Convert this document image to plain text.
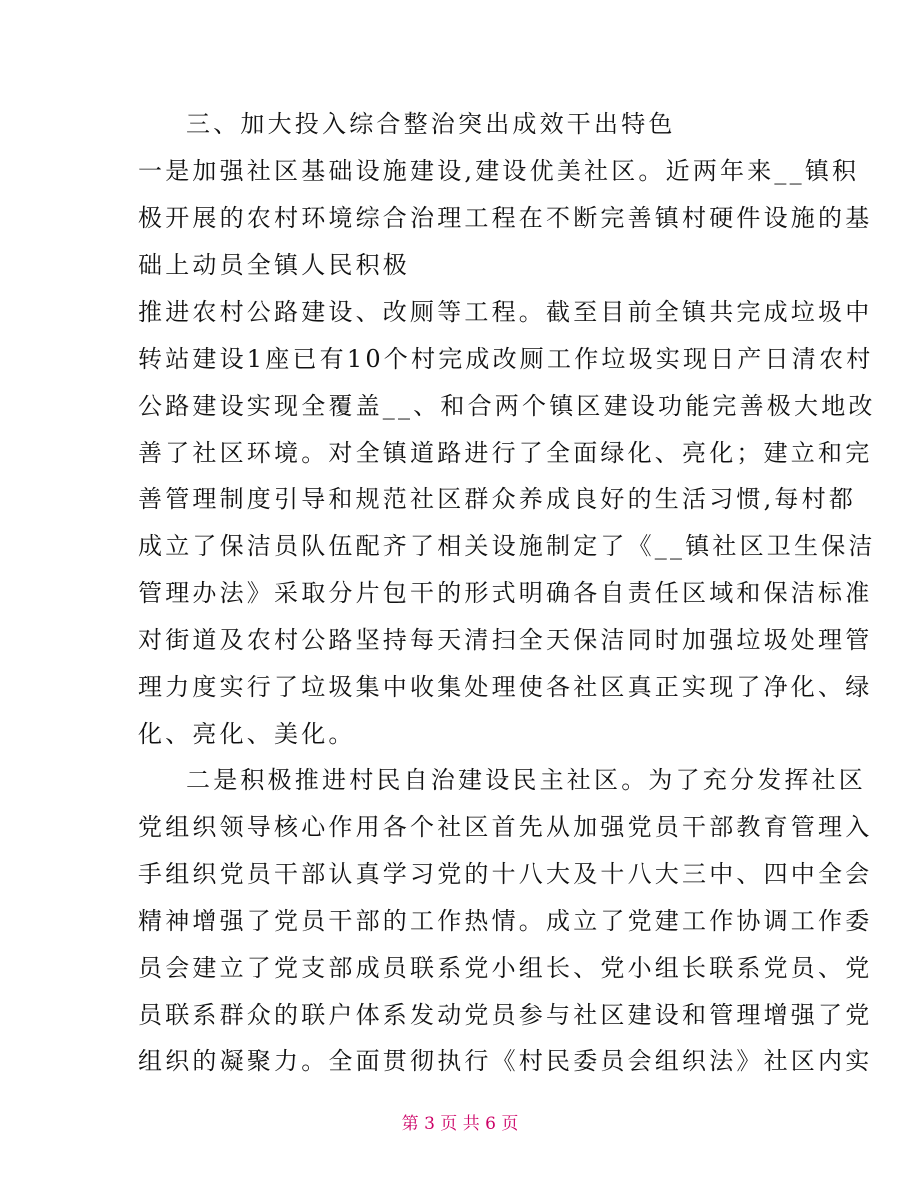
三、加大投入综合整治突出成效干出特色
一是加强社区基础设施建设,建设优美社区。近两年来__镇积
极开展的农村环境综合治理工程在不断完善镇村硬件设施的基
础上动员全镇人民积极
推进农村公路建设、改厕等工程。截至目前全镇共完成垃圾中
转站建设1座已有10个村完成改厕工作垃圾实现日产日清农村
公路建设实现全覆盖__、和合两个镇区建设功能完善极大地改
善了社区环境。对全镇道路进行了全面绿化、亮化；建立和完
善管理制度引导和规范社区群众养成良好的生活习惯,每村都
成立了保洁员队伍配齐了相关设施制定了《__镇社区卫生保洁
管理办法》采取分片包干的形式明确各自责任区域和保洁标准
对街道及农村公路坚持每天清扫全天保洁同时加强垃圾处理管
理力度实行了垃圾集中收集处理使各社区真正实现了净化、绿
化、亮化、美化。
二是积极推进村民自治建设民主社区。为了充分发挥社区
党组织领导核心作用各个社区首先从加强党员干部教育管理入
手组织党员干部认真学习党的十八大及十八大三中、四中全会
精神增强了党员干部的工作热情。成立了党建工作协调工作委
员会建立了党支部成员联系党小组长、党小组长联系党员、党
员联系群众的联户体系发动党员参与社区建设和管理增强了党
组织的凝聚力。全面贯彻执行《村民委员会组织法》社区内实
第 3 页 共 6 页
